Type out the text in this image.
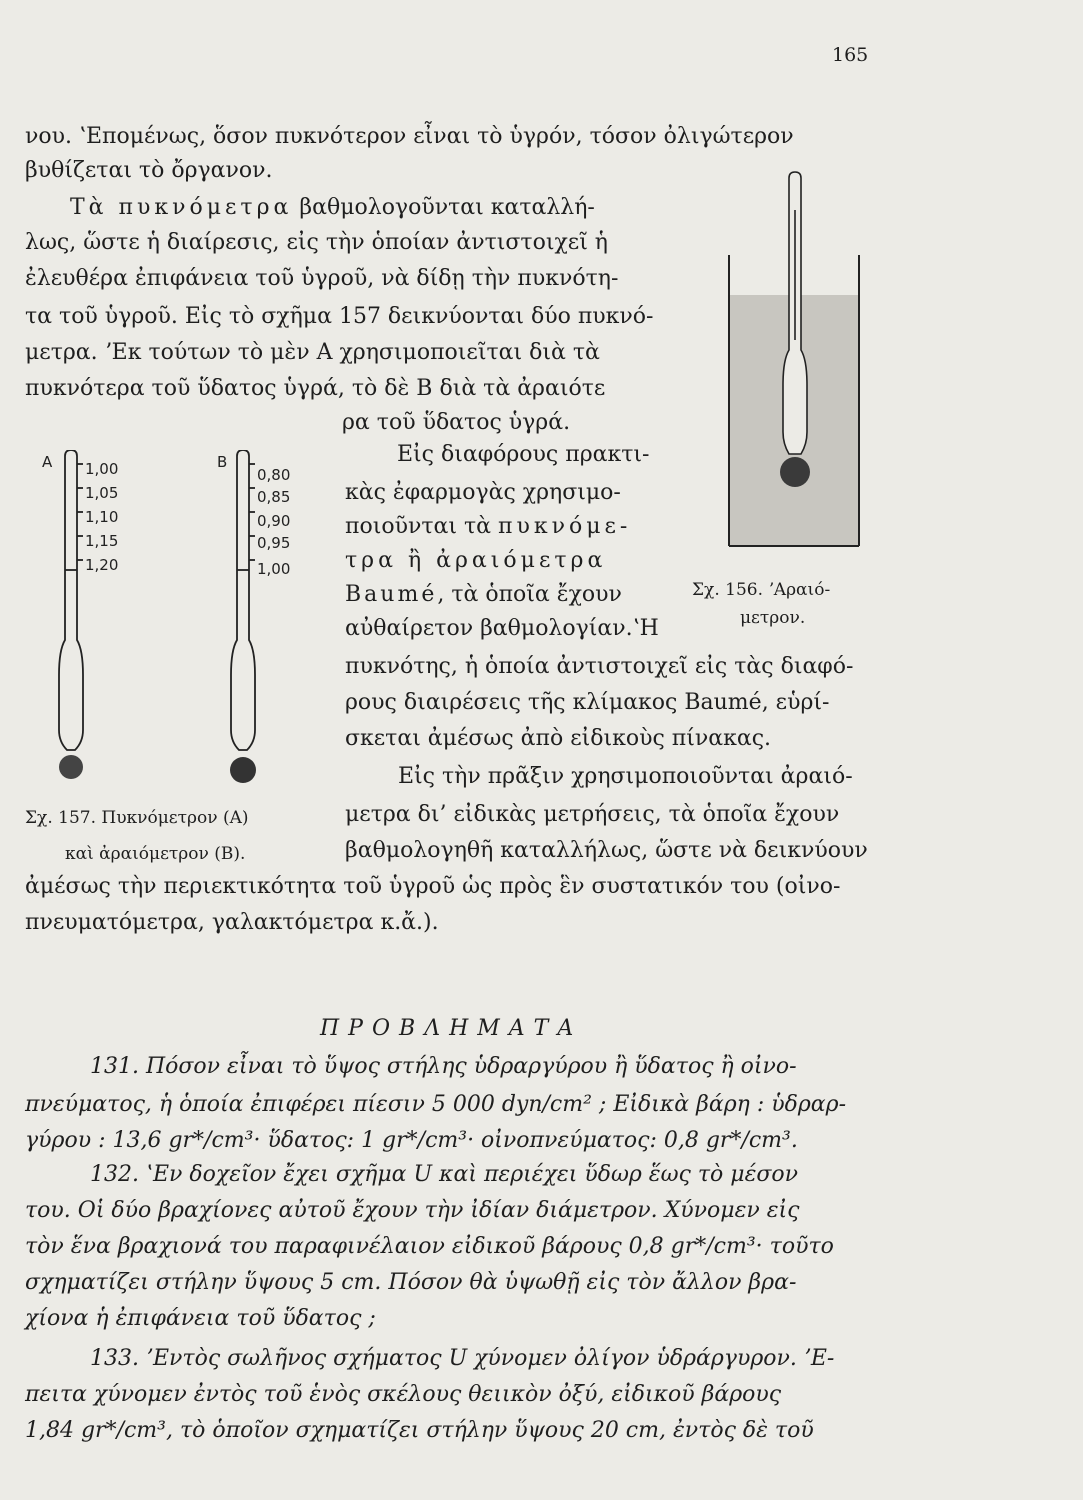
165
νου. ʽΕπομένως, ὅσον πυκνότερον εἶναι τὸ ὑγρόν, τόσον ὀλιγώτερον
βυθίζεται τὸ ὄργανον.
Τὰ πυκνόμετρα βαθμολογοῦνται καταλλή-
λως, ὥστε ἡ διαίρεσις, εἰς τὴν ὁποίαν ἀντιστοιχεῖ ἡ
ἐλευθέρα ἐπιφάνεια τοῦ ὑγροῦ, νὰ δίδῃ τὴν πυκνότη-
τα τοῦ ὑγροῦ. Εἰς τὸ σχῆμα 157 δεικνύονται δύο πυκνό-
μετρα. ʼΕκ τούτων τὸ μὲν Α χρησιμοποιεῖται διὰ τὰ
πυκνότερα τοῦ ὕδατος ὑγρά, τὸ δὲ Β διὰ τὰ ἀραιότε
ρα τοῦ ὕδατος ὑγρά.
Εἰς διαφόρους πρακτι-
κὰς ἐφαρμογὰς χρησιμο-
ποιοῦνται τὰ πυκνόμε-
τρα ἢ ἀραιόμετρα
Baumé, τὰ ὁποῖα ἔχουν
αὐθαίρετον βαθμολογίαν.ʽΗ
πυκνότης, ἡ ὁποία ἀντιστοιχεῖ εἰς τὰς διαφό-
ρους διαιρέσεις τῆς κλίμακος Baumé, εὑρί-
σκεται ἀμέσως ἀπὸ εἰδικοὺς πίνακας.
Εἰς τὴν πρᾶξιν χρησιμοποιοῦνται ἀραιό-
μετρα δι’ εἰδικὰς μετρήσεις, τὰ ὁποῖα ἔχουν
βαθμολογηθῆ καταλλήλως, ὥστε νὰ δεικνύουν
ἀμέσως τὴν περιεκτικότητα τοῦ ὑγροῦ ὡς πρὸς ἓν συστατικόν του (οἰνο-
πνευματόμετρα, γαλακτόμετρα κ.ἄ.).
A 1,00
1,05
1,10
1,15
1,20
B
0,80
0,85
0,90
0,95
1,00
Σχ. 157. Πυκνόμετρον (A)
καὶ ἀραιόμετρον (B).
Σχ. 156. ʼΑραιό-
μετρον.
ΠΡΟΒΛΗΜΑΤΑ
131. Πόσον εἶναι τὸ ὕψος στήλης ὑδραργύρου ἢ ὕδατος ἢ οἰνο-
πνεύματος, ἡ ὁποία ἐπιφέρει πίεσιν 5 000 dyn/cm² ; Εἰδικὰ βάρη : ὑδραρ-
γύρου : 13,6 gr*/cm³· ὕδατος: 1 gr*/cm³· οἰνοπνεύματος: 0,8 gr*/cm³.
132. ʽΕν δοχεῖον ἔχει σχῆμα U καὶ περιέχει ὕδωρ ἕως τὸ μέσον
του. Οἱ δύο βραχίονες αὐτοῦ ἔχουν τὴν ἰδίαν διάμετρον. Χύνομεν εἰς
τὸν ἕνα βραχιονά του παραφινέλαιον εἰδικοῦ βάρους 0,8 gr*/cm³· τοῦτο
σχηματίζει στήλην ὕψους 5 cm. Πόσον θὰ ὑψωθῇ εἰς τὸν ἄλλον βρα-
χίονα ἡ ἐπιφάνεια τοῦ ὕδατος ;
133. ʼΕντὸς σωλῆνος σχήματος U χύνομεν ὀλίγον ὑδράργυρον. ʼΕ-
πειτα χύνομεν ἐντὸς τοῦ ἑνὸς σκέλους θειικὸν ὀξύ, εἰδικοῦ βάρους
1,84 gr*/cm³, τὸ ὁποῖον σχηματίζει στήλην ὕψους 20 cm, ἐντὸς δὲ τοῦ
